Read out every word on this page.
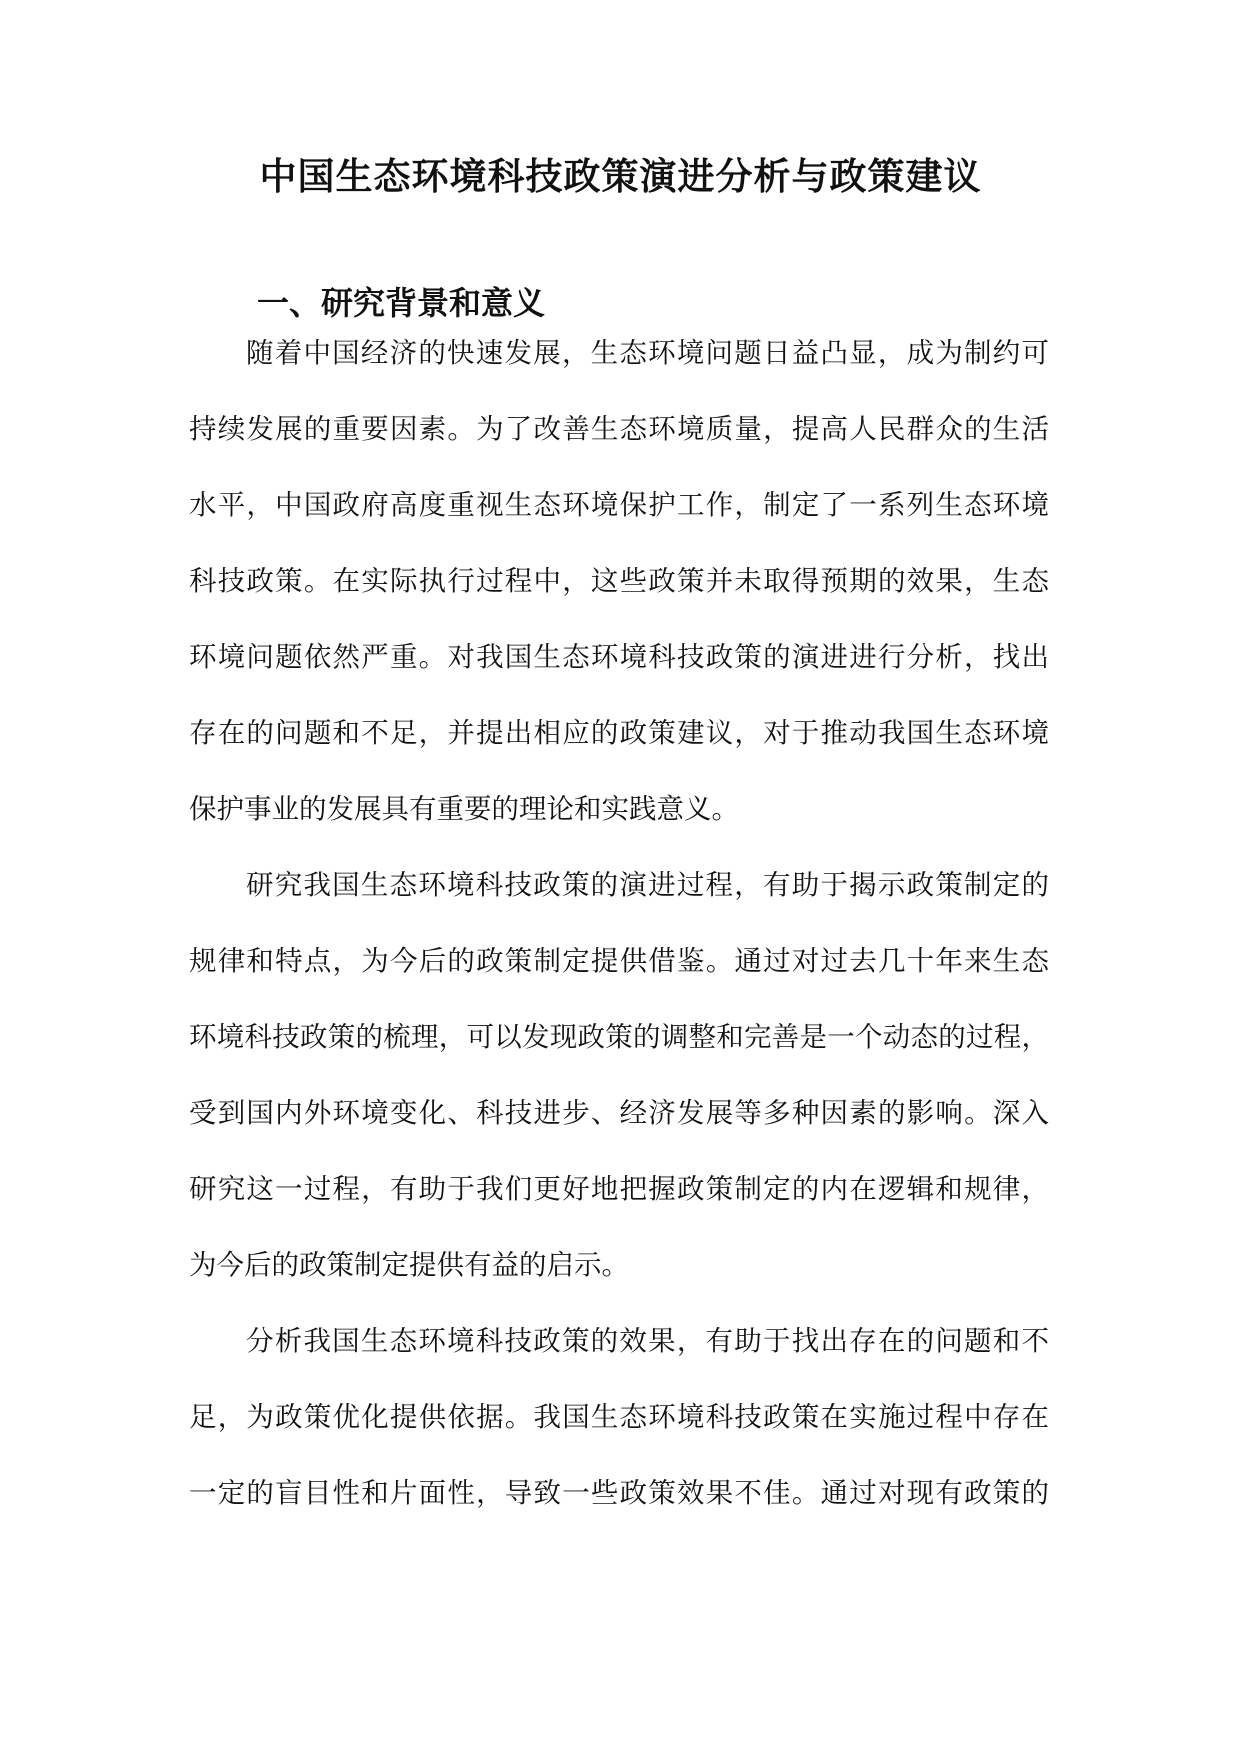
中国生态环境科技政策演进分析与政策建议
一、研究背景和意义
随着中国经济的快速发展，生态环境问题日益凸显，成为制约可
持续发展的重要因素。为了改善生态环境质量，提高人民群众的生活
水平，中国政府高度重视生态环境保护工作，制定了一系列生态环境
科技政策。在实际执行过程中，这些政策并未取得预期的效果，生态
环境问题依然严重。对我国生态环境科技政策的演进进行分析，找出
存在的问题和不足，并提出相应的政策建议，对于推动我国生态环境
保护事业的发展具有重要的理论和实践意义。
研究我国生态环境科技政策的演进过程，有助于揭示政策制定的
规律和特点，为今后的政策制定提供借鉴。通过对过去几十年来生态
环境科技政策的梳理，可以发现政策的调整和完善是一个动态的过程，
受到国内外环境变化、科技进步、经济发展等多种因素的影响。深入
研究这一过程，有助于我们更好地把握政策制定的内在逻辑和规律，
为今后的政策制定提供有益的启示。
分析我国生态环境科技政策的效果，有助于找出存在的问题和不
足，为政策优化提供依据。我国生态环境科技政策在实施过程中存在
一定的盲目性和片面性，导致一些政策效果不佳。通过对现有政策的
